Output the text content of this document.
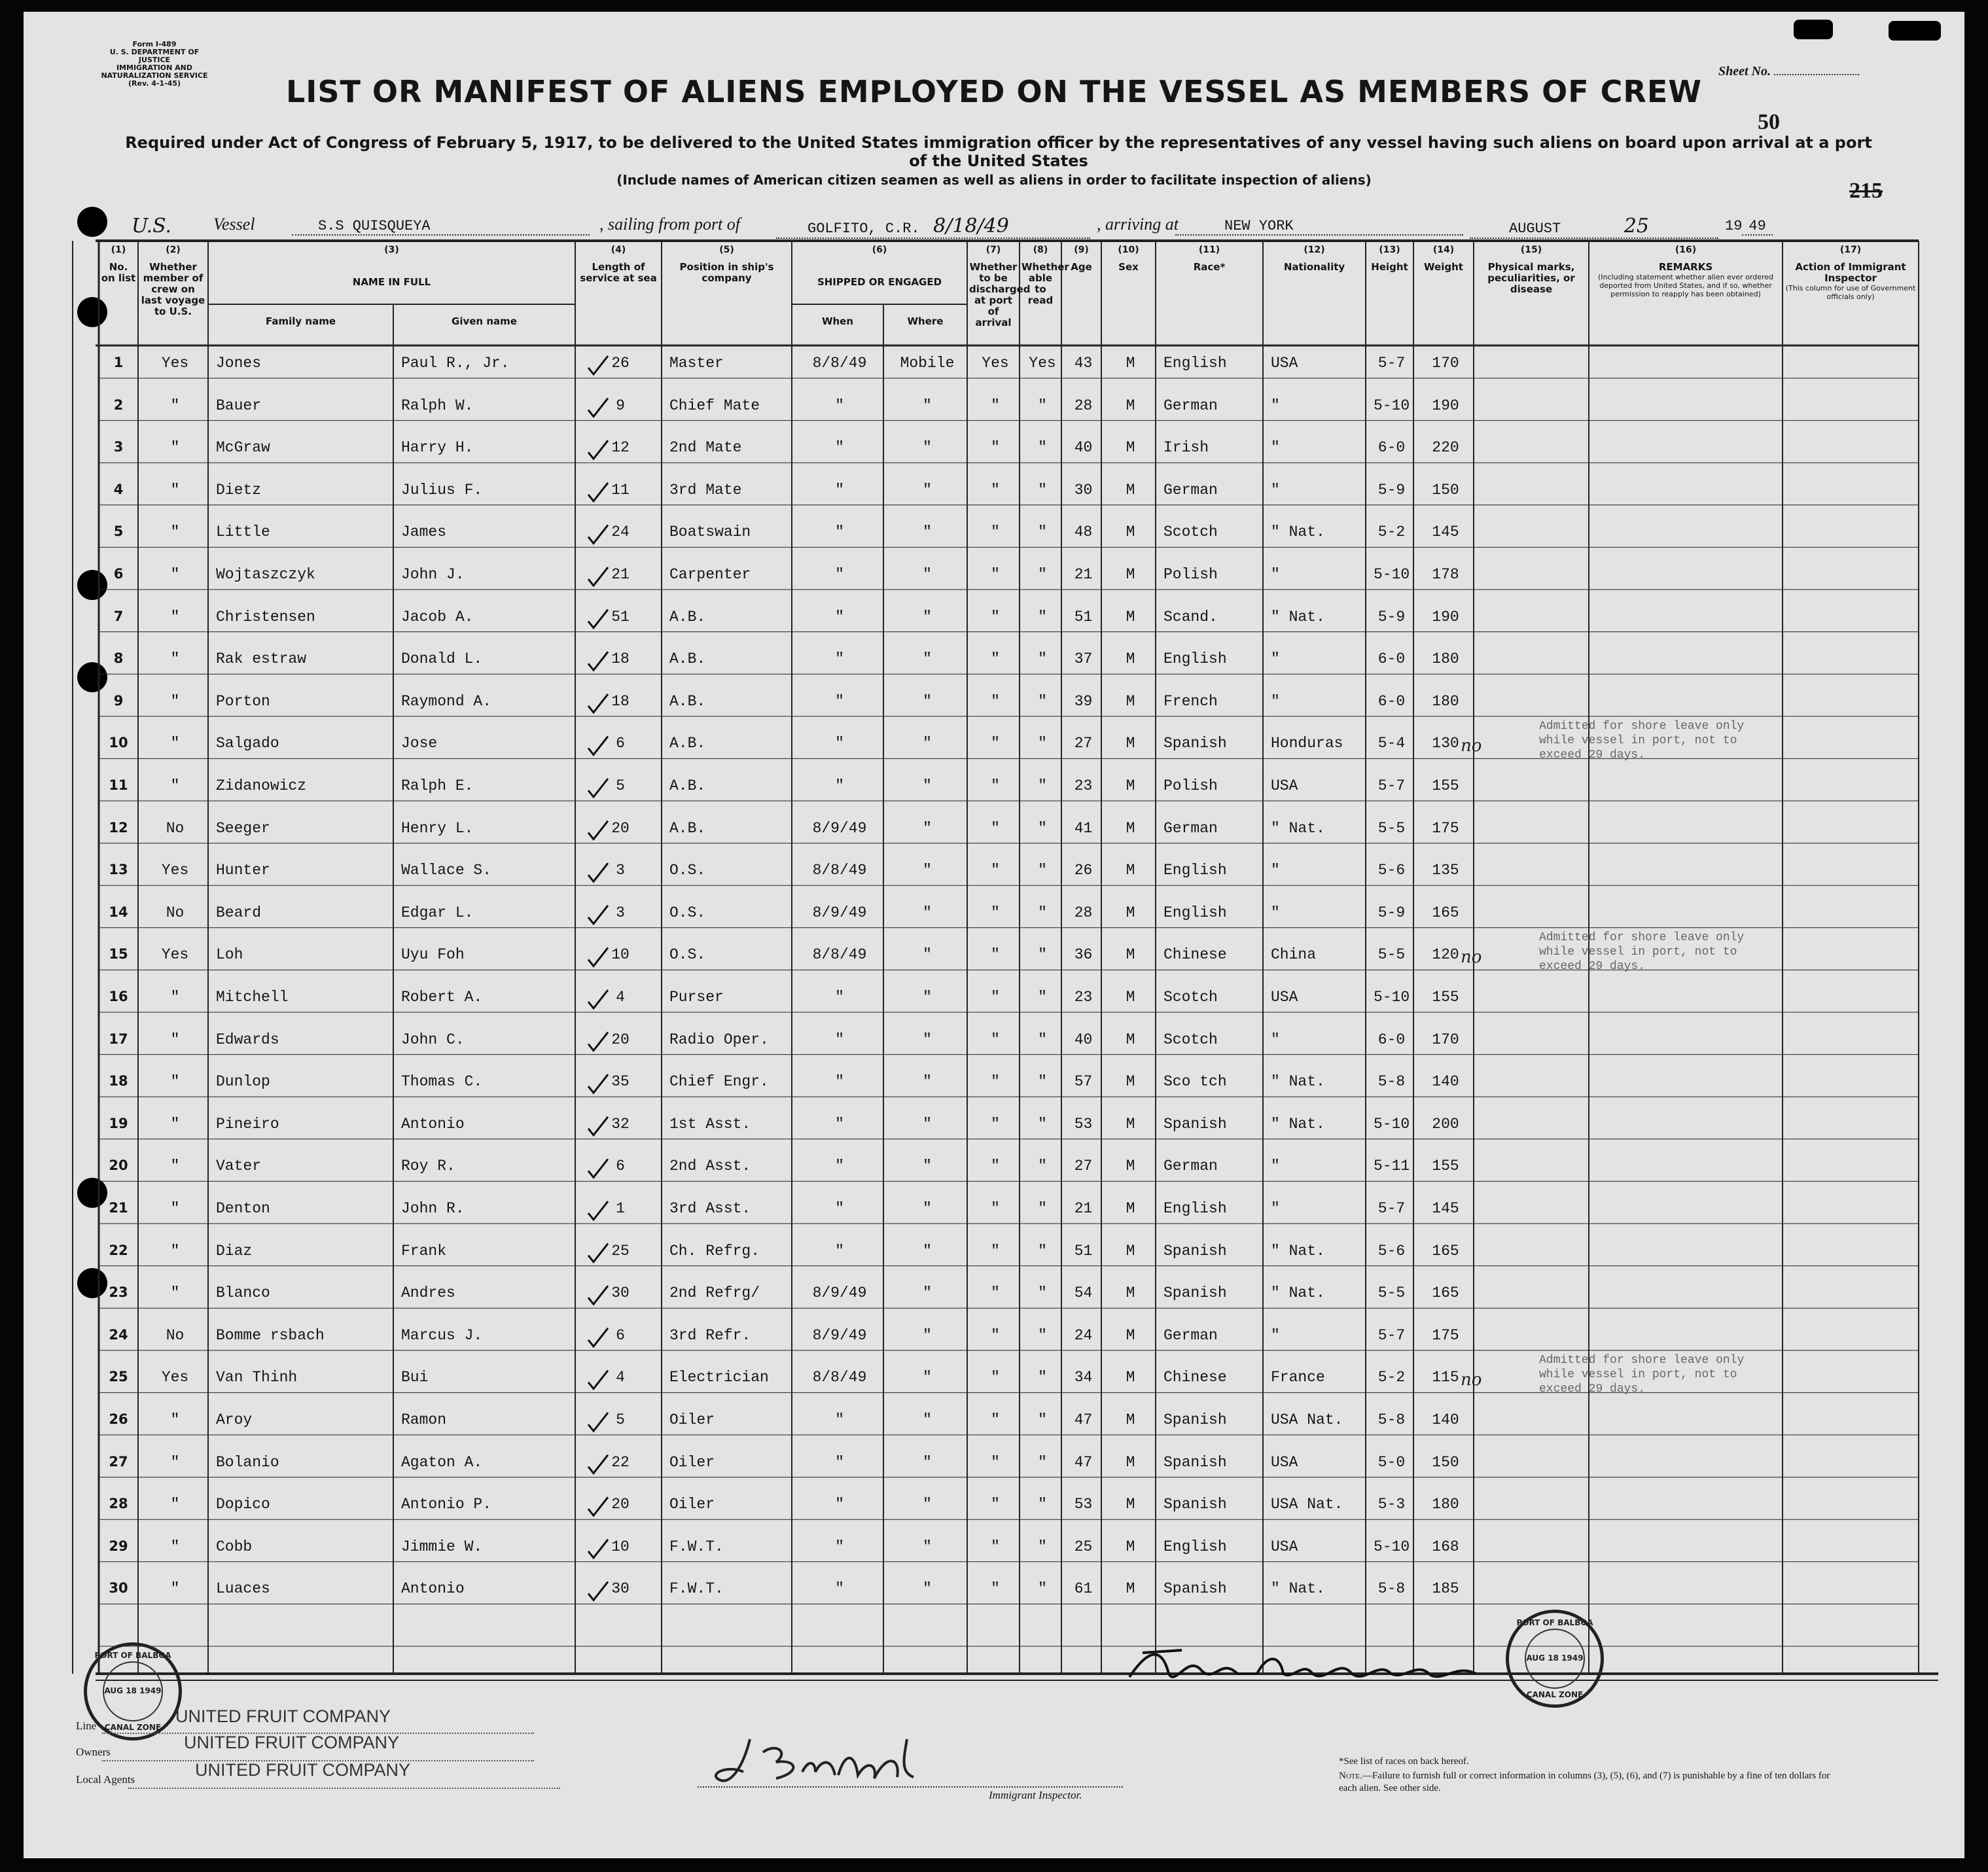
Form I-489
U. S. DEPARTMENT OF JUSTICE
IMMIGRATION AND NATURALIZATION SERVICE
(Rev. 4-1-45)
Sheet No.
50
215
LIST OR MANIFEST OF ALIENS EMPLOYED ON THE VESSEL AS MEMBERS OF CREW
Required under Act of Congress of February 5, 1917, to be delivered to the United States immigration officer by the representatives of any vessel having such aliens on board upon arrival at a port of the United States
(Include names of American citizen seamen as well as aliens in order to facilitate inspection of aliens)
U.S. Vessel	S.S QUISQUEYA	, sailing from port of	GOLFITO, C.R. 8/18/49	, arriving at	NEW YORK	AUGUST	25	19 49
(1)
No. on list
(2)
Whether member of crew on last voyage to U.S.
(3)
NAME IN FULL
Family name	Given name
(4)
Length of service at sea
(5)
Position in ship's company
(6)
SHIPPED OR ENGAGED
When	Where
(7)
Whether to be discharged at port of arrival
(8)
Whether able to read
(9)
Age
(10)
Sex
(11)
Race*
(12)
Nationality
(13)
Height
(14)
Weight
(15)
Physical marks, peculiarities, or disease
(16)
REMARKS
(Including statement whether alien ever ordered deported from United States, and if so, whether permission to reapply has been obtained)
(17)
Action of Immigrant Inspector
(This column for use of Government officials only)
1	Yes	Jones	Paul R., Jr.	26	Master	8/8/49	Mobile	Yes	Yes	43	M	English	USA	5-7	170
2	"	Bauer	Ralph W.	9	Chief Mate	"	"	"	"	28	M	German	"	5-10	190
3	"	McGraw	Harry H.	12	2nd Mate	"	"	"	"	40	M	Irish	"	6-0	220
4	"	Dietz	Julius F.	11	3rd Mate	"	"	"	"	30	M	German	"	5-9	150
5	"	Little	James	24	Boatswain	"	"	"	"	48	M	Scotch	" Nat.	5-2	145
6	"	Wojtaszczyk	John J.	21	Carpenter	"	"	"	"	21	M	Polish	"	5-10	178
7	"	Christensen	Jacob A.	51	A.B.	"	"	"	"	51	M	Scand.	" Nat.	5-9	190
8	"	Rak estraw	Donald L.	18	A.B.	"	"	"	"	37	M	English	"	6-0	180
9	"	Porton	Raymond A.	18	A.B.	"	"	"	"	39	M	French	"	6-0	180
10	"	Salgado	Jose	6	A.B.	"	"	"	"	27	M	Spanish	Honduras	5-4	130
11	"	Zidanowicz	Ralph E.	5	A.B.	"	"	"	"	23	M	Polish	USA	5-7	155
12	No	Seeger	Henry L.	20	A.B.	8/9/49	"	"	"	41	M	German	" Nat.	5-5	175
13	Yes	Hunter	Wallace S.	3	O.S.	8/8/49	"	"	"	26	M	English	"	5-6	135
14	No	Beard	Edgar L.	3	O.S.	8/9/49	"	"	"	28	M	English	"	5-9	165
15	Yes	Loh	Uyu Foh	10	O.S.	8/8/49	"	"	"	36	M	Chinese	China	5-5	120
16	"	Mitchell	Robert A.	4	Purser	"	"	"	"	23	M	Scotch	USA	5-10	155
17	"	Edwards	John C.	20	Radio Oper.	"	"	"	"	40	M	Scotch	"	6-0	170
18	"	Dunlop	Thomas C.	35	Chief Engr.	"	"	"	"	57	M	Sco tch	" Nat.	5-8	140
19	"	Pineiro	Antonio	32	1st Asst.	"	"	"	"	53	M	Spanish	" Nat.	5-10	200
20	"	Vater	Roy R.	6	2nd Asst.	"	"	"	"	27	M	German	"	5-11	155
21	"	Denton	John R.	1	3rd Asst.	"	"	"	"	21	M	English	"	5-7	145
22	"	Diaz	Frank	25	Ch. Refrg.	"	"	"	"	51	M	Spanish	" Nat.	5-6	165
23	"	Blanco	Andres	30	2nd Refrg/	8/9/49	"	"	"	54	M	Spanish	" Nat.	5-5	165
24	No	Bomme rsbach	Marcus J.	6	3rd Refr.	8/9/49	"	"	"	24	M	German	"	5-7	175
25	Yes	Van Thinh	Bui	4	Electrician	8/8/49	"	"	"	34	M	Chinese	France	5-2	115
26	"	Aroy	Ramon	5	Oiler	"	"	"	"	47	M	Spanish	USA Nat.	5-8	140
27	"	Bolanio	Agaton A.	22	Oiler	"	"	"	"	47	M	Spanish	USA	5-0	150
28	"	Dopico	Antonio P.	20	Oiler	"	"	"	"	53	M	Spanish	USA Nat.	5-3	180
29	"	Cobb	Jimmie W.	10	F.W.T.	"	"	"	"	25	M	English	USA	5-10	168
30	"	Luaces	Antonio	30	F.W.T.	"	"	"	"	61	M	Spanish	" Nat.	5-8	185
Admitted for shore leave only
while vessel in port, not to
exceed 29 days.
no
Admitted for shore leave only
while vessel in port, not to
exceed 29 days.
no
Admitted for shore leave only
while vessel in port, not to
exceed 29 days.
no
PORT OF BALBOA
AUG 18 1949
CANAL ZONE
PORT OF BALBOA
AUG 18 1949
CANAL ZONE
Line
Owners
Local Agents
UNITED FRUIT COMPANY
UNITED FRUIT COMPANY
UNITED FRUIT COMPANY
Immigrant Inspector.
*See list of races on back hereof.
Note.—Failure to furnish full or correct information in columns (3), (5), (6), and (7) is punishable by a fine of ten dollars for each alien. See other side.
